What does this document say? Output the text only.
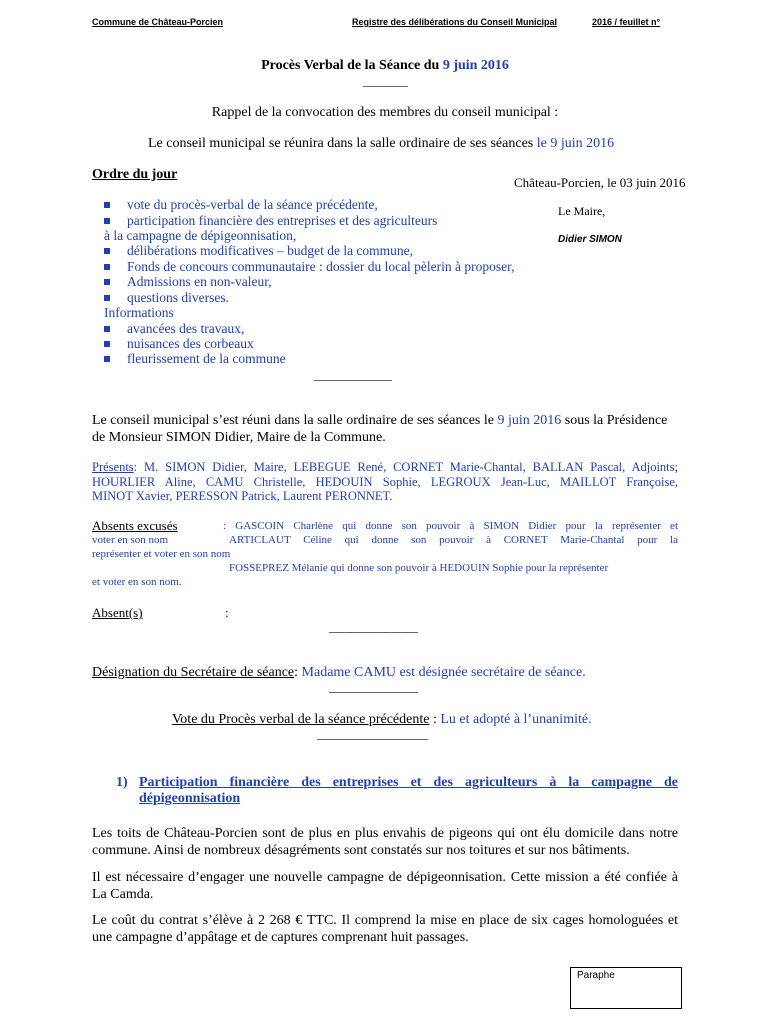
Commune de Château-Porcien	Registre des délibérations du Conseil Municipal	2016 / feuillet n°
Procès Verbal de la Séance du 9 juin 2016
————
Rappel de la convocation des membres du conseil municipal :
Le conseil municipal se réunira dans la salle ordinaire de ses séances le 9 juin 2016
Ordre du jour
Château-Porcien, le 03 juin 2016
Le Maire,
Didier SIMON
vote du procès-verbal de la séance précédente,
participation financière des entreprises et des agriculteurs
à la campagne de dépigeonnisation,
délibérations modificatives – budget de la commune,
Fonds de concours communautaire : dossier du local pèlerin à proposer,
Admissions en non-valeur,
questions diverses.
Informations
avancées des travaux,
nuisances des corbeaux
fleurissement de la commune
———————
Le conseil municipal s’est réuni dans la salle ordinaire de ses séances le 9 juin 2016 sous la Présidence
de Monsieur SIMON Didier, Maire de la Commune.
Présents: M. SIMON Didier, Maire, LEBEGUE René, CORNET Marie-Chantal, BALLAN Pascal, Adjoints;
HOURLIER Aline, CAMU Christelle, HEDOUIN Sophie, LEGROUX Jean-Luc, MAILLOT Françoise,
MINOT Xavier, PERESSON Patrick, Laurent PERONNET.
Absents excusés	: GASCOIN Charlène qui donne son pouvoir à SIMON Didier pour la représenter et
voter en son nom	ARTICLAUT Céline qui donne son pouvoir à CORNET Marie-Chantal pour la
représenter et voter en son nom
FOSSEPREZ Mélanie qui donne son pouvoir à HEDOUIN Sophie pour la représenter
et voter en son nom.
Absent(s)	:
————————
Désignation du Secrétaire de séance: Madame CAMU est désignée secrétaire de séance.
————————
Vote du Procès verbal de la séance précédente : Lu et adopté à l’unanimité.
——————————
1) Participation financière des entreprises et des agriculteurs à la campagne de
dépigeonnisation
Les toits de Château-Porcien sont de plus en plus envahis de pigeons qui ont élu domicile dans notre
commune. Ainsi de nombreux désagréments sont constatés sur nos toitures et sur nos bâtiments.
Il est nécessaire d’engager une nouvelle campagne de dépigeonnisation. Cette mission a été confiée à
La Camda.
Le coût du contrat s’élève à 2 268 € TTC. Il comprend la mise en place de six cages homologuées et
une campagne d’appâtage et de captures comprenant huit passages.
Paraphe
